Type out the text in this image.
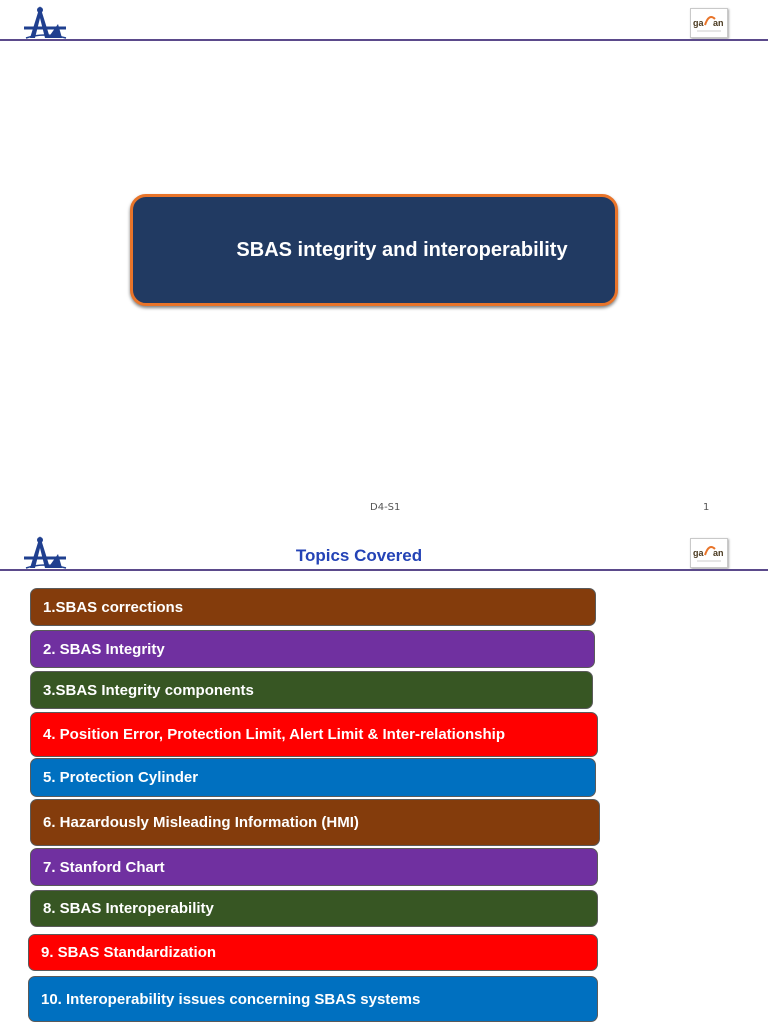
ga an
SBAS integrity and interoperability
D4-S1	1
Topics Covered	ga an
1.SBAS corrections
2. SBAS Integrity
3.SBAS Integrity components
4. Position Error, Protection Limit, Alert Limit & Inter-relationship
5. Protection Cylinder
6. Hazardously Misleading Information (HMI)
7. Stanford Chart
8. SBAS Interoperability
9. SBAS Standardization
10. Interoperability issues concerning SBAS systems
